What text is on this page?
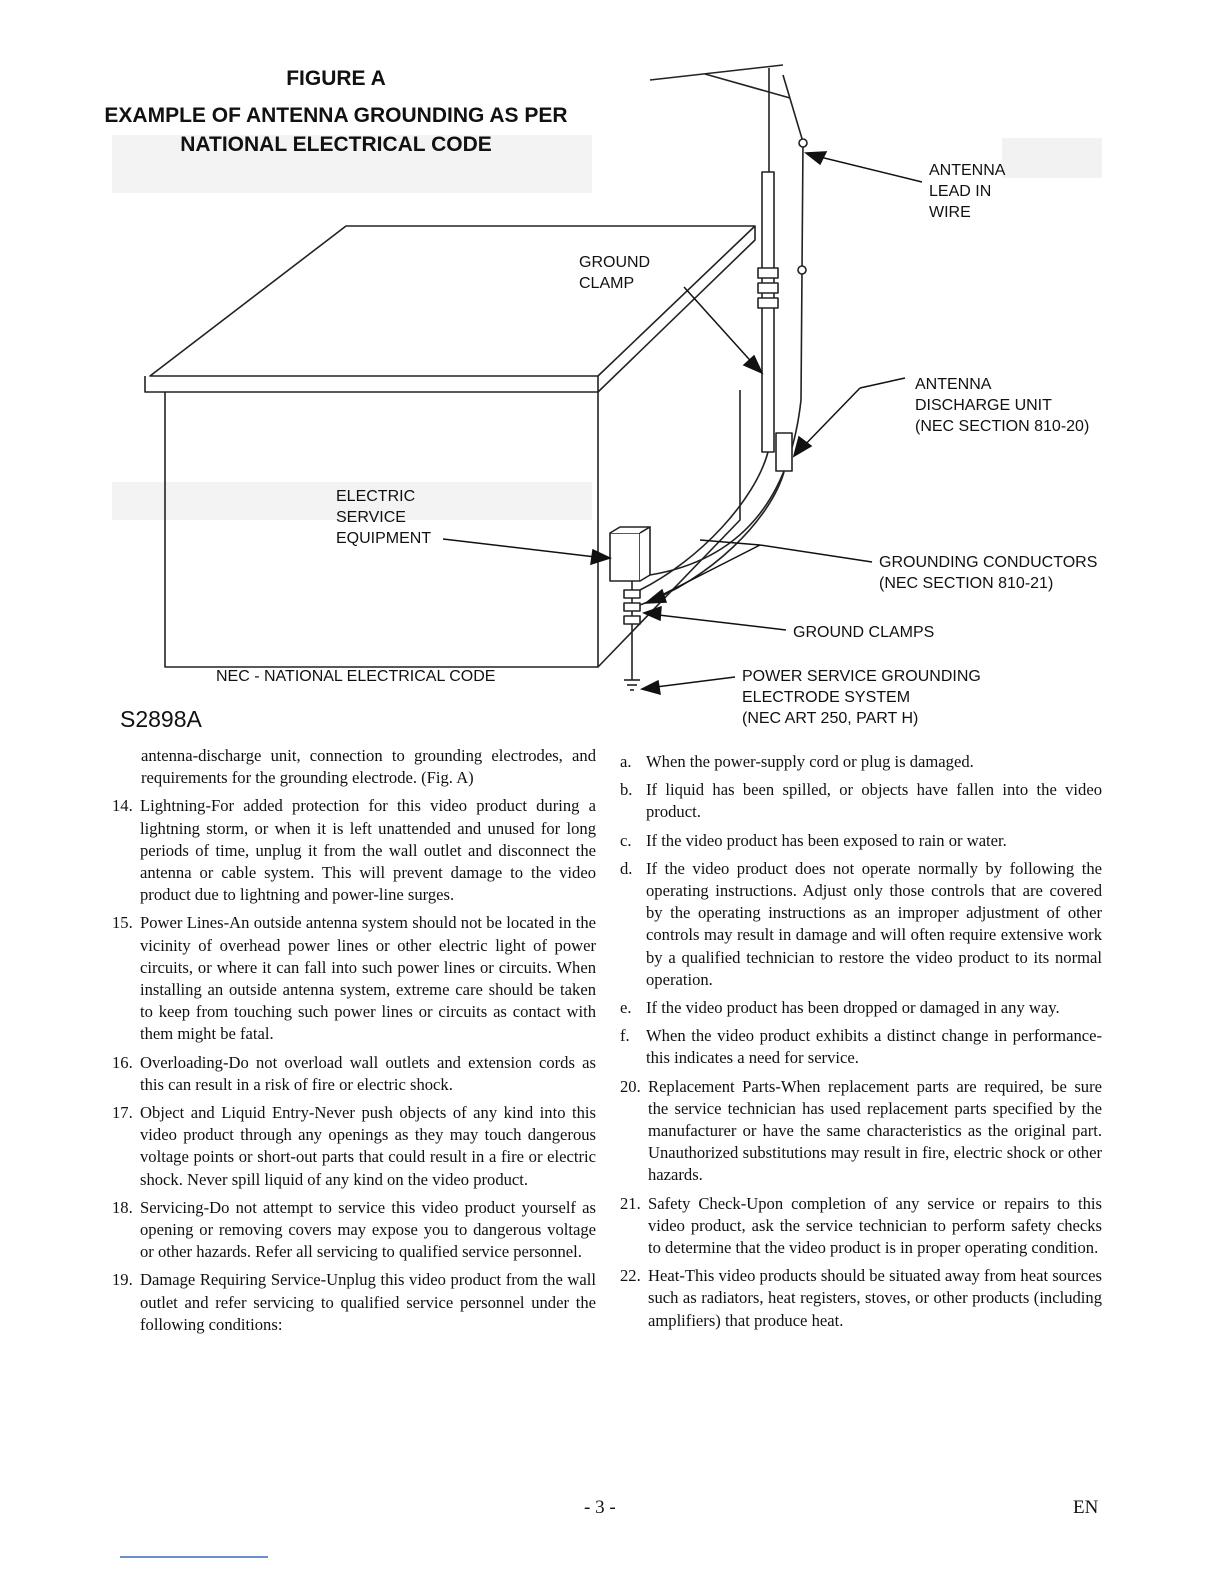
FIGURE A
EXAMPLE OF ANTENNA GROUNDING AS PER
NATIONAL ELECTRICAL CODE
ANTENNA
LEAD IN
WIRE
GROUND
CLAMP
ANTENNA
DISCHARGE UNIT
(NEC SECTION 810-20)
ELECTRIC
SERVICE
EQUIPMENT
GROUNDING CONDUCTORS
(NEC SECTION 810-21)
GROUND CLAMPS
NEC - NATIONAL ELECTRICAL CODE	POWER SERVICE GROUNDING
ELECTRODE SYSTEM
(NEC ART 250, PART H)
S2898A

antenna-discharge unit, connection to grounding electrodes, and requirements for the grounding electrode. (Fig. A)

14. Lightning-For added protection for this video product during a lightning storm, or when it is left unattended and unused for long periods of time, unplug it from the wall outlet and disconnect the antenna or cable system. This will prevent damage to the video product due to lightning and power-line surges.
15. Power Lines-An outside antenna system should not be located in the vicinity of overhead power lines or other electric light of power circuits, or where it can fall into such power lines or circuits. When installing an outside antenna system, extreme care should be taken to keep from touching such power lines or circuits as contact with them might be fatal.
16. Overloading-Do not overload wall outlets and extension cords as this can result in a risk of fire or electric shock.
17. Object and Liquid Entry-Never push objects of any kind into this video product through any openings as they may touch dangerous voltage points or short-out parts that could result in a fire or electric shock. Never spill liquid of any kind on the video product.
18. Servicing-Do not attempt to service this video product yourself as opening or removing covers may expose you to dangerous voltage or other hazards. Refer all servicing to qualified service personnel.
19. Damage Requiring Service-Unplug this video product from the wall outlet and refer servicing to qualified service personnel under the following conditions:
a. When the power-supply cord or plug is damaged.
b. If liquid has been spilled, or objects have fallen into the video product.
c. If the video product has been exposed to rain or water.
d. If the video product does not operate normally by following the operating instructions. Adjust only those controls that are covered by the operating instructions as an improper adjustment of other controls may result in damage and will often require extensive work by a qualified technician to restore the video product to its normal operation.
e. If the video product has been dropped or damaged in any way.
f. When the video product exhibits a distinct change in performance-this indicates a need for service.
20. Replacement Parts-When replacement parts are required, be sure the service technician has used replacement parts specified by the manufacturer or have the same characteristics as the original part. Unauthorized substitutions may result in fire, electric shock or other hazards.
21. Safety Check-Upon completion of any service or repairs to this video product, ask the service technician to perform safety checks to determine that the video product is in proper operating condition.
22. Heat-This video products should be situated away from heat sources such as radiators, heat registers, stoves, or other products (including amplifiers) that produce heat.
- 3 -	EN
